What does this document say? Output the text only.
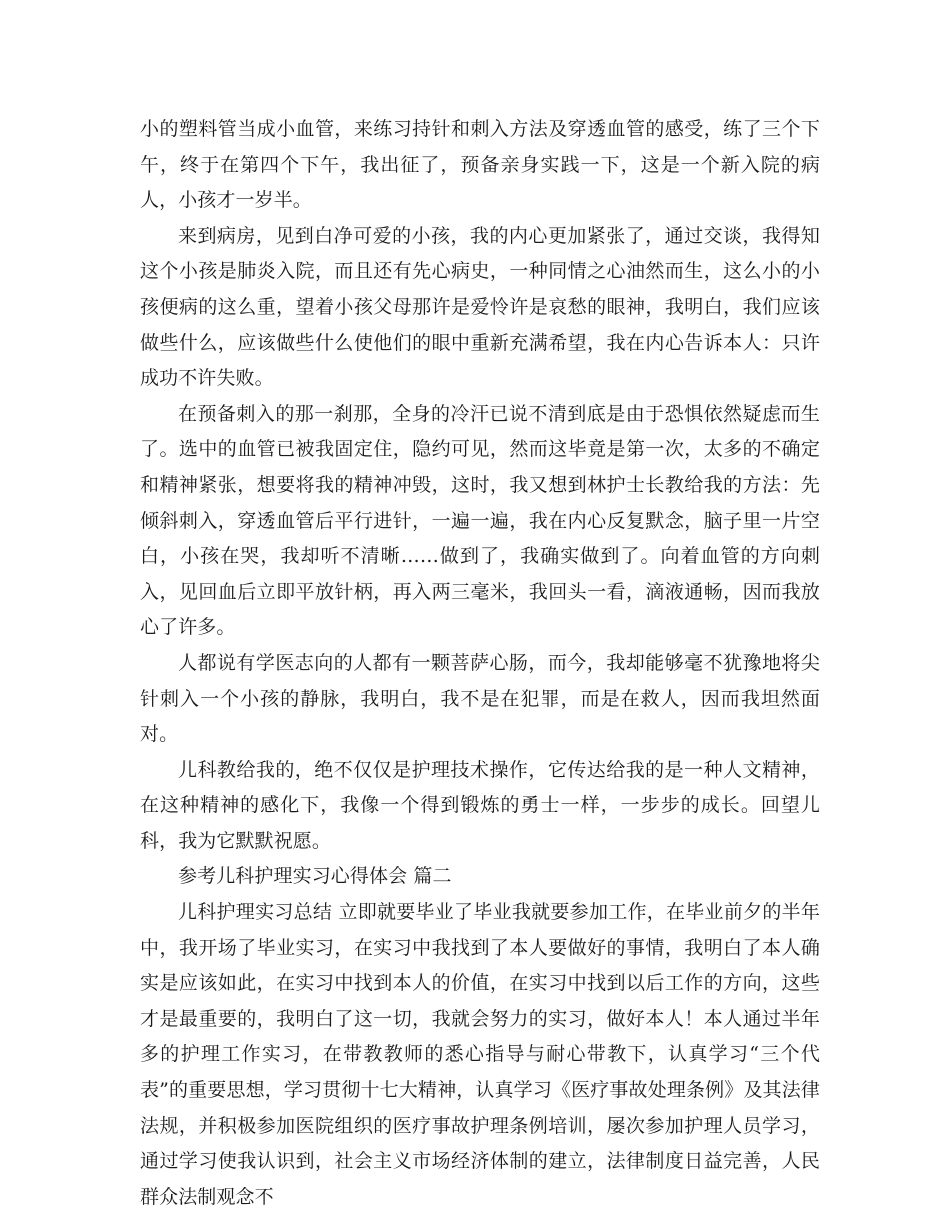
小的塑料管当成小血管，来练习持针和刺入方法及穿透血管的感受，练了三个下午，终于在第四个下午，我出征了，预备亲身实践一下，这是一个新入院的病人，小孩才一岁半。

来到病房，见到白净可爱的小孩，我的内心更加紧张了，通过交谈，我得知这个小孩是肺炎入院，而且还有先心病史，一种同情之心油然而生，这么小的小孩便病的这么重，望着小孩父母那许是爱怜许是哀愁的眼神，我明白，我们应该做些什么，应该做些什么使他们的眼中重新充满希望，我在内心告诉本人：只许成功不许失败。

在预备刺入的那一刹那，全身的冷汗已说不清到底是由于恐惧依然疑虑而生了。选中的血管已被我固定住，隐约可见，然而这毕竟是第一次，太多的不确定和精神紧张，想要将我的精神冲毁，这时，我又想到林护士长教给我的方法：先倾斜刺入，穿透血管后平行进针，一遍一遍，我在内心反复默念，脑子里一片空白，小孩在哭，我却听不清晰……做到了，我确实做到了。向着血管的方向刺入，见回血后立即平放针柄，再入两三毫米，我回头一看，滴液通畅，因而我放心了许多。

人都说有学医志向的人都有一颗菩萨心肠，而今，我却能够毫不犹豫地将尖针刺入一个小孩的静脉，我明白，我不是在犯罪，而是在救人，因而我坦然面对。

儿科教给我的，绝不仅仅是护理技术操作，它传达给我的是一种人文精神，在这种精神的感化下，我像一个得到锻炼的勇士一样，一步步的成长。回望儿科，我为它默默祝愿。

参考儿科护理实习心得体会 篇二

儿科护理实习总结 立即就要毕业了毕业我就要参加工作，在毕业前夕的半年中，我开场了毕业实习，在实习中我找到了本人要做好的事情，我明白了本人确实是应该如此，在实习中找到本人的价值，在实习中找到以后工作的方向，这些才是最重要的，我明白了这一切，我就会努力的实习，做好本人！本人通过半年多的护理工作实习，在带教教师的悉心指导与耐心带教下，认真学习“三个代表”的重要思想，学习贯彻十七大精神，认真学习《医疗事故处理条例》及其法律法规，并积极参加医院组织的医疗事故护理条例培训，屡次参加护理人员学习，通过学习使我认识到，社会主义市场经济体制的建立，法律制度日益完善，人民群众法制观念不
